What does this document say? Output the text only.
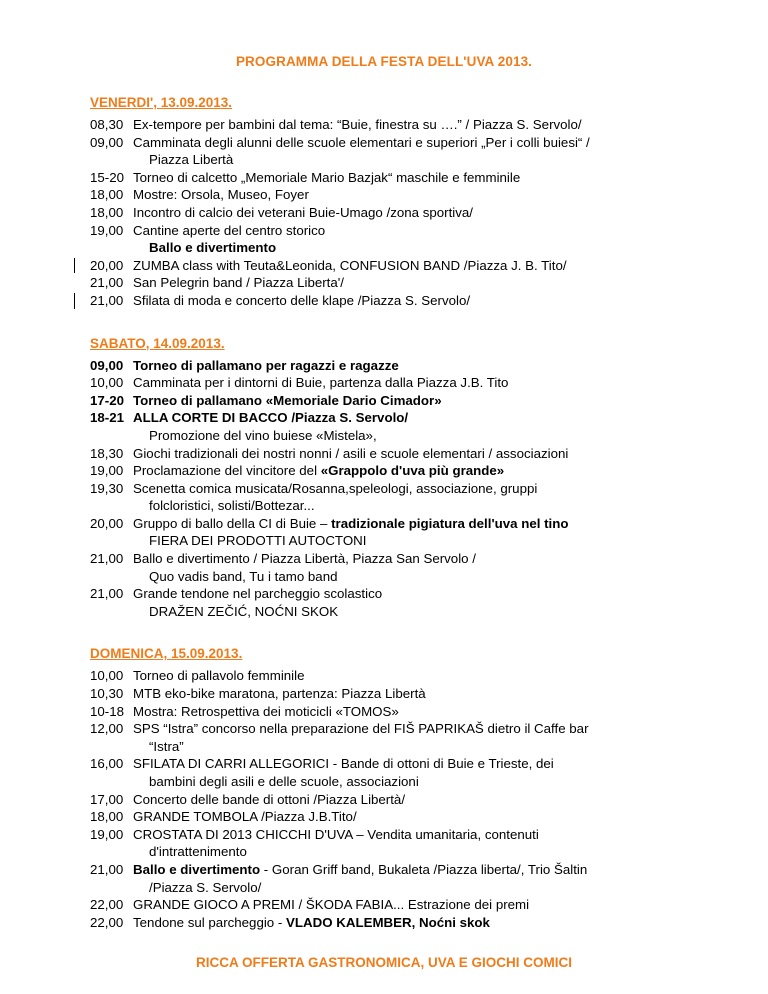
PROGRAMMA DELLA FESTA DELL'UVA 2013.
VENERDI', 13.09.2013.
08,30 Ex-tempore per bambini dal tema: “Buie, finestra su ….” / Piazza S. Servolo/
09,00 Camminata degli alunni delle scuole elementari e superiori „Per i colli buiesi“ /
Piazza Libertà
15-20 Torneo di calcetto „Memoriale Mario Bazjak“ maschile e femminile
18,00 Mostre: Orsola, Museo, Foyer
18,00 Incontro di calcio dei veterani Buie-Umago /zona sportiva/
19,00 Cantine aperte del centro storico
Ballo e divertimento
20,00 ZUMBA class with Teuta&Leonida, CONFUSION BAND /Piazza J. B. Tito/
21,00 San Pelegrin band / Piazza Liberta'/
21,00 Sfilata di moda e concerto delle klape /Piazza S. Servolo/
SABATO, 14.09.2013.
09,00 Torneo di pallamano per ragazzi e ragazze
10,00 Camminata per i dintorni di Buie, partenza dalla Piazza J.B. Tito
17-20 Torneo di pallamano «Memoriale Dario Cimador»
18-21 ALLA CORTE DI BACCO /Piazza S. Servolo/
Promozione del vino buiese «Mistela»,
18,30 Giochi tradizionali dei nostri nonni / asili e scuole elementari / associazioni
19,00 Proclamazione del vincitore del «Grappolo d'uva più grande»
19,30 Scenetta comica musicata/Rosanna,speleologi, associazione, gruppi
folcloristici, solisti/Bottezar...
20,00 Gruppo di ballo della CI di Buie – tradizionale pigiatura dell'uva nel tino
FIERA DEI PRODOTTI AUTOCTONI
21,00 Ballo e divertimento / Piazza Libertà, Piazza San Servolo /
Quo vadis band, Tu i tamo band
21,00 Grande tendone nel parcheggio scolastico
DRAŽEN ZEČIĆ, NOĆNI SKOK
DOMENICA, 15.09.2013.
10,00 Torneo di pallavolo femminile
10,30 MTB eko-bike maratona, partenza: Piazza Libertà
10-18 Mostra: Retrospettiva dei moticicli «TOMOS»
12,00 SPS “Istra” concorso nella preparazione del FIŠ PAPRIKAŠ dietro il Caffe bar
“Istra”
16,00 SFILATA DI CARRI ALLEGORICI - Bande di ottoni di Buie e Trieste, dei
bambini degli asili e delle scuole, associazioni
17,00 Concerto delle bande di ottoni /Piazza Libertà/
18,00 GRANDE TOMBOLA /Piazza J.B.Tito/
19,00 CROSTATA DI 2013 CHICCHI D'UVA – Vendita umanitaria, contenuti
d'intrattenimento
21,00 Ballo e divertimento - Goran Griff band, Bukaleta /Piazza liberta/, Trio Šaltin
/Piazza S. Servolo/
22,00 GRANDE GIOCO A PREMI / ŠKODA FABIA... Estrazione dei premi
22,00 Tendone sul parcheggio - VLADO KALEMBER, Noćni skok
RICCA OFFERTA GASTRONOMICA, UVA E GIOCHI COMICI
